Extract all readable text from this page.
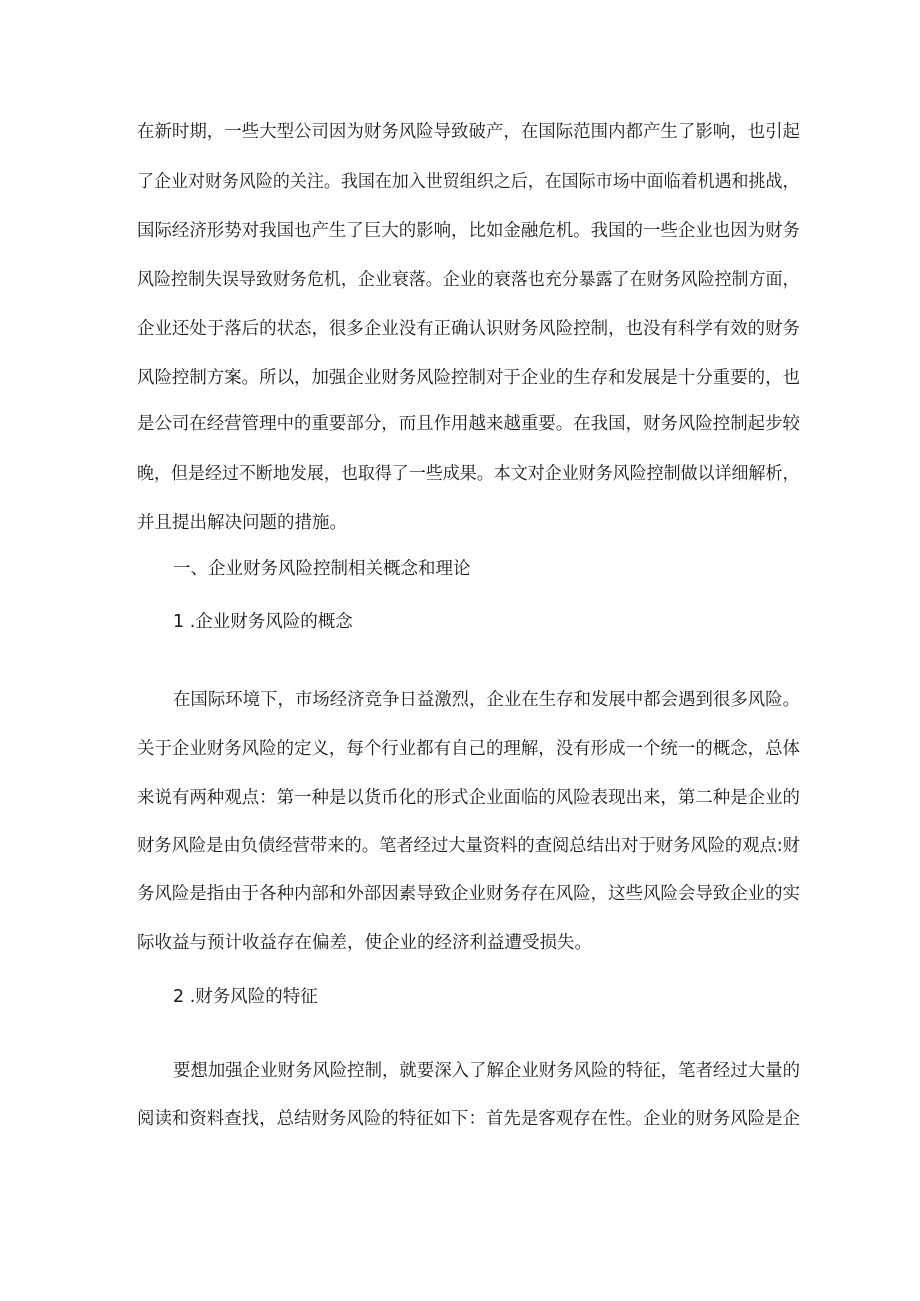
在新时期，一些大型公司因为财务风险导致破产，在国际范围内都产生了影响，也引起
了企业对财务风险的关注。我国在加入世贸组织之后，在国际市场中面临着机遇和挑战，
国际经济形势对我国也产生了巨大的影响，比如金融危机。我国的一些企业也因为财务
风险控制失误导致财务危机，企业衰落。企业的衰落也充分暴露了在财务风险控制方面，
企业还处于落后的状态，很多企业没有正确认识财务风险控制，也没有科学有效的财务
风险控制方案。所以，加强企业财务风险控制对于企业的生存和发展是十分重要的，也
是公司在经营管理中的重要部分，而且作用越来越重要。在我国，财务风险控制起步较
晚，但是经过不断地发展，也取得了一些成果。本文对企业财务风险控制做以详细解析，
并且提出解决问题的措施。
一、企业财务风险控制相关概念和理论
1 .企业财务风险的概念
在国际环境下，市场经济竞争日益激烈，企业在生存和发展中都会遇到很多风险。
关于企业财务风险的定义，每个行业都有自己的理解，没有形成一个统一的概念，总体
来说有两种观点：第一种是以货币化的形式企业面临的风险表现出来，第二种是企业的
财务风险是由负债经营带来的。笔者经过大量资料的查阅总结出对于财务风险的观点:财
务风险是指由于各种内部和外部因素导致企业财务存在风险，这些风险会导致企业的实
际收益与预计收益存在偏差，使企业的经济利益遭受损失。
2 .财务风险的特征
要想加强企业财务风险控制，就要深入了解企业财务风险的特征，笔者经过大量的
阅读和资料查找，总结财务风险的特征如下：首先是客观存在性。企业的财务风险是企
